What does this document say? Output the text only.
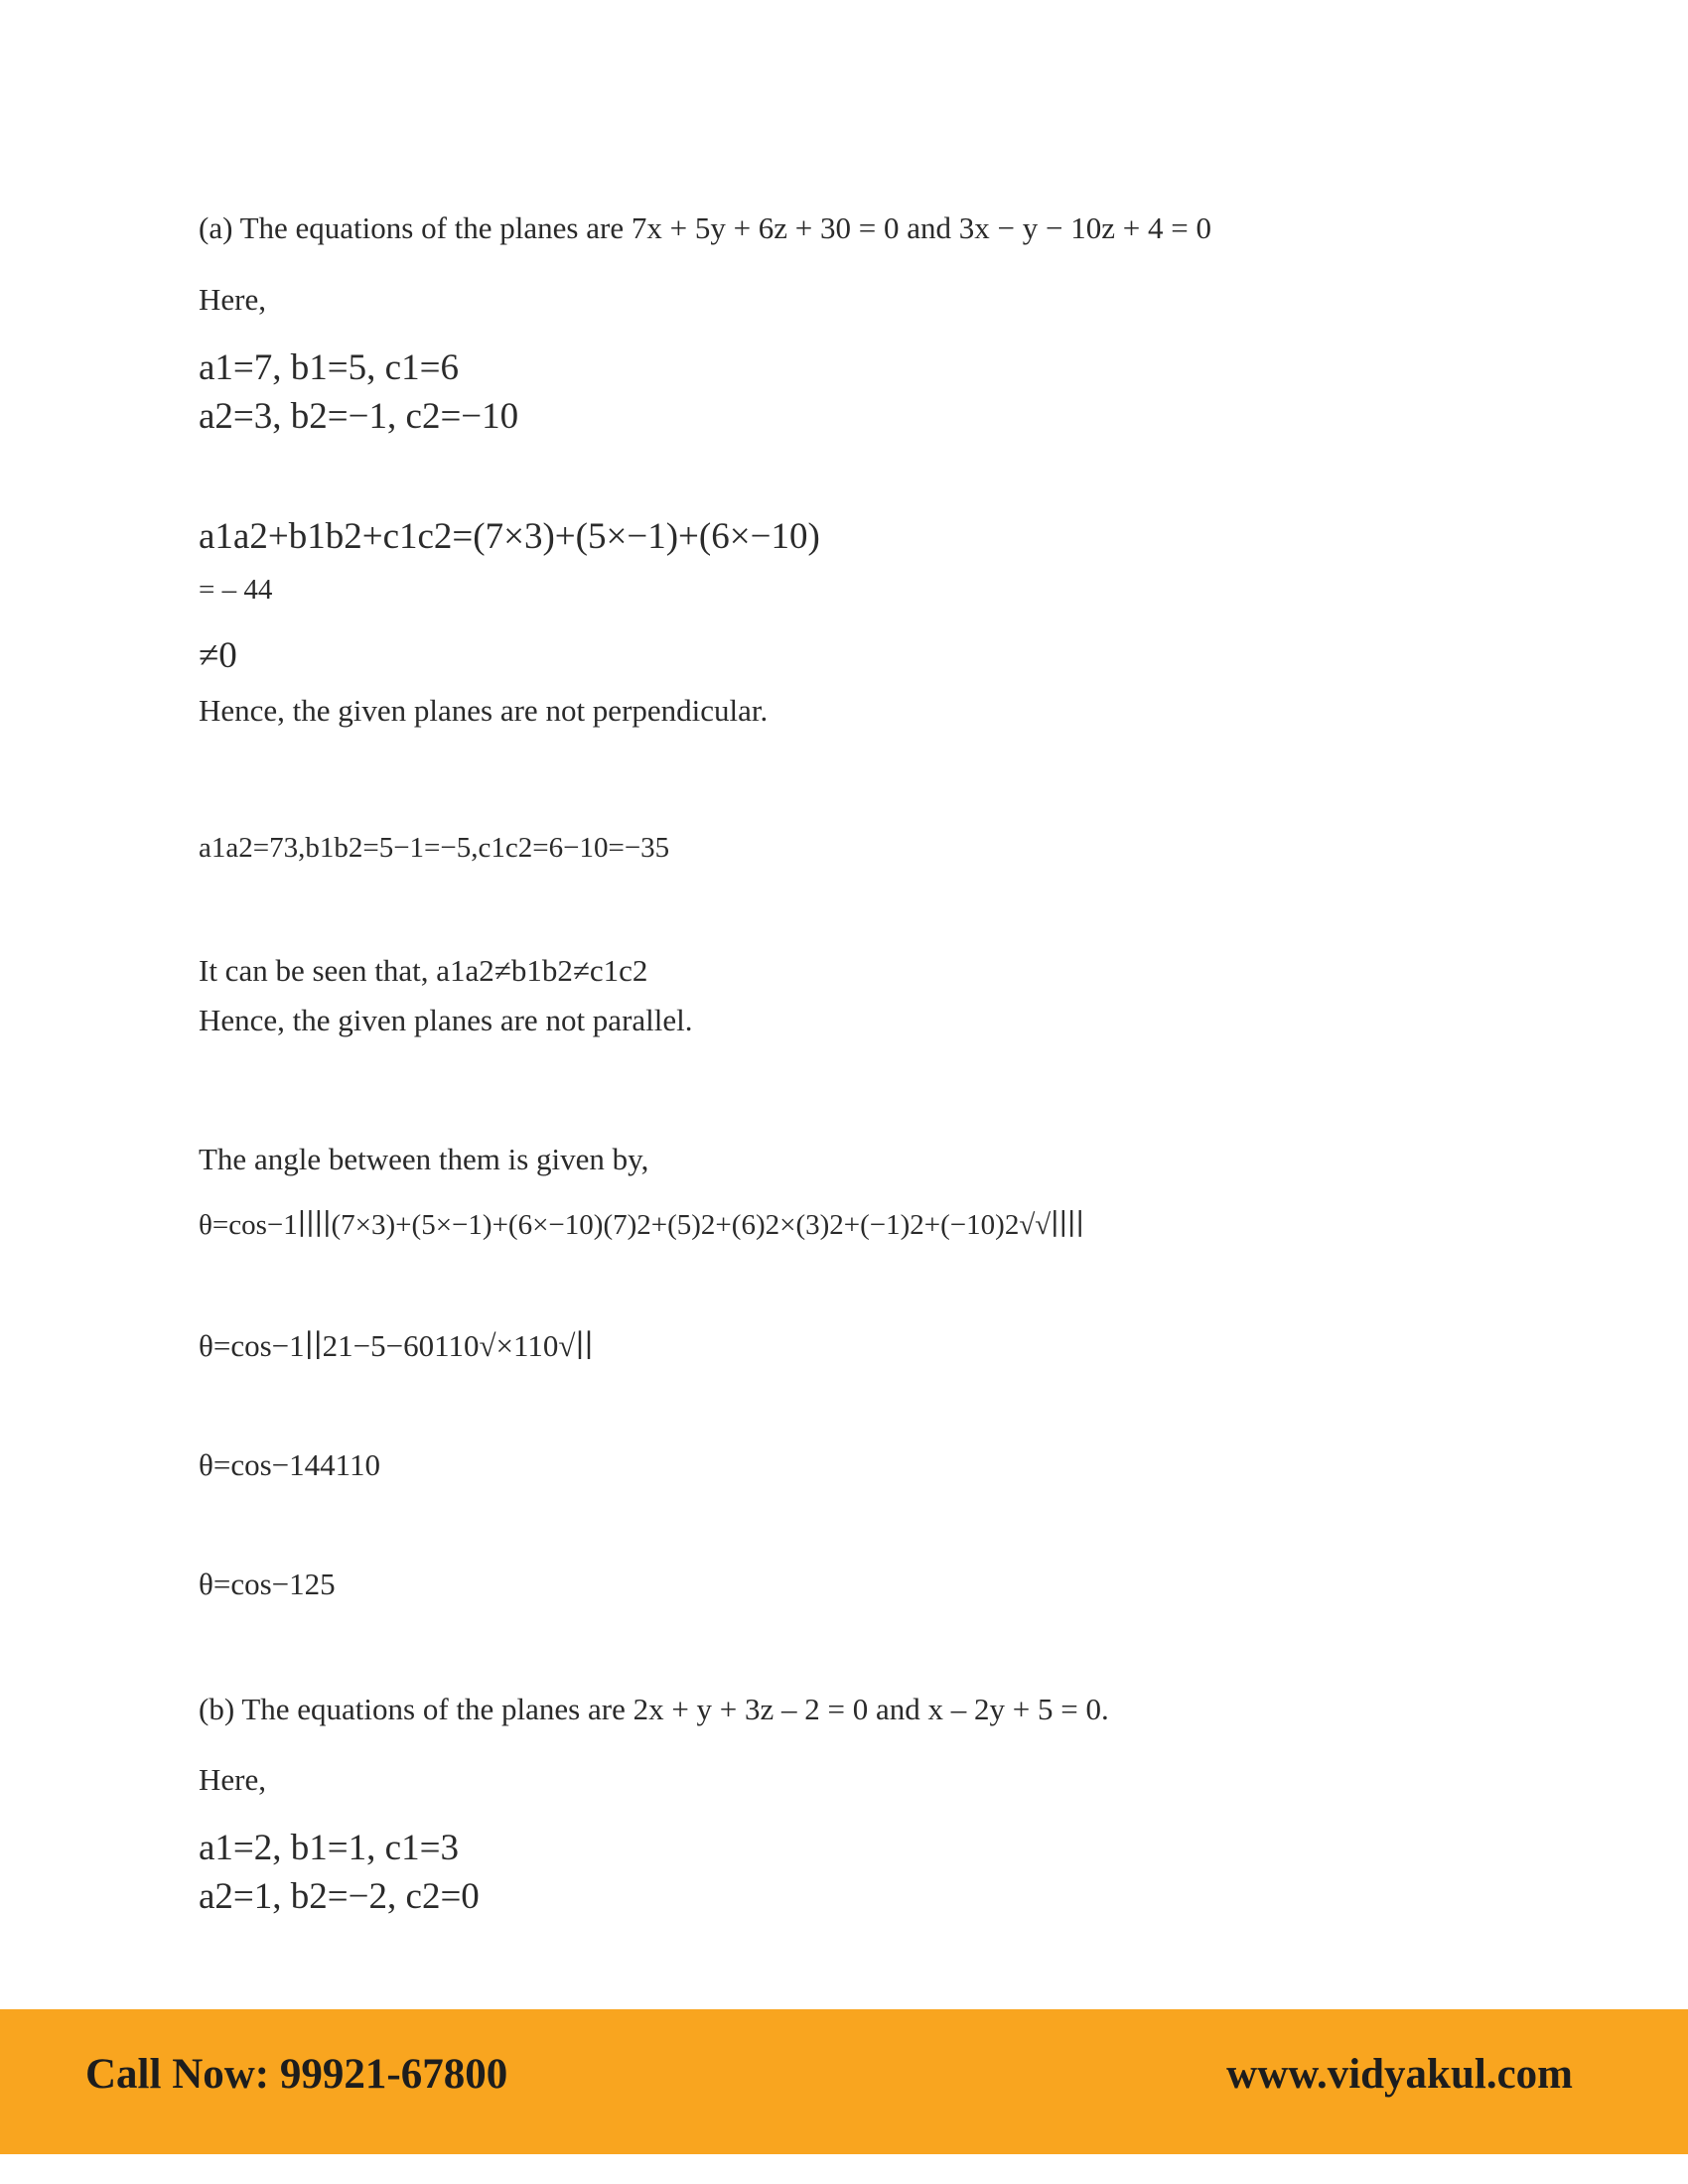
(a) The equations of the planes are 7x + 5y + 6z + 30 = 0 and 3x − y − 10z + 4 = 0
Here,
a1=7, b1=5, c1=6
a2=3, b2=−1, c2=−10
a1a2+b1b2+c1c2=(7×3)+(5×−1)+(6×−10)
= – 44
≠0
Hence, the given planes are not perpendicular.
a1a2=73,b1b2=5−1=−5,c1c2=6−10=−35
It can be seen that, a1a2≠b1b2≠c1c2
Hence, the given planes are not parallel.
The angle between them is given by,
θ=cos−1∣∣∣∣(7×3)+(5×−1)+(6×−10)(7)2+(5)2+(6)2×(3)2+(−1)2+(−10)2√√∣∣∣∣
θ=cos−1∣∣21−5−60110√×110√∣∣
θ=cos−144110
θ=cos−125
(b) The equations of the planes are 2x + y + 3z – 2 = 0 and x – 2y + 5 = 0.
Here,
a1=2, b1=1, c1=3
a2=1, b2=−2, c2=0
Call Now: 99921-67800	www.vidyakul.com
